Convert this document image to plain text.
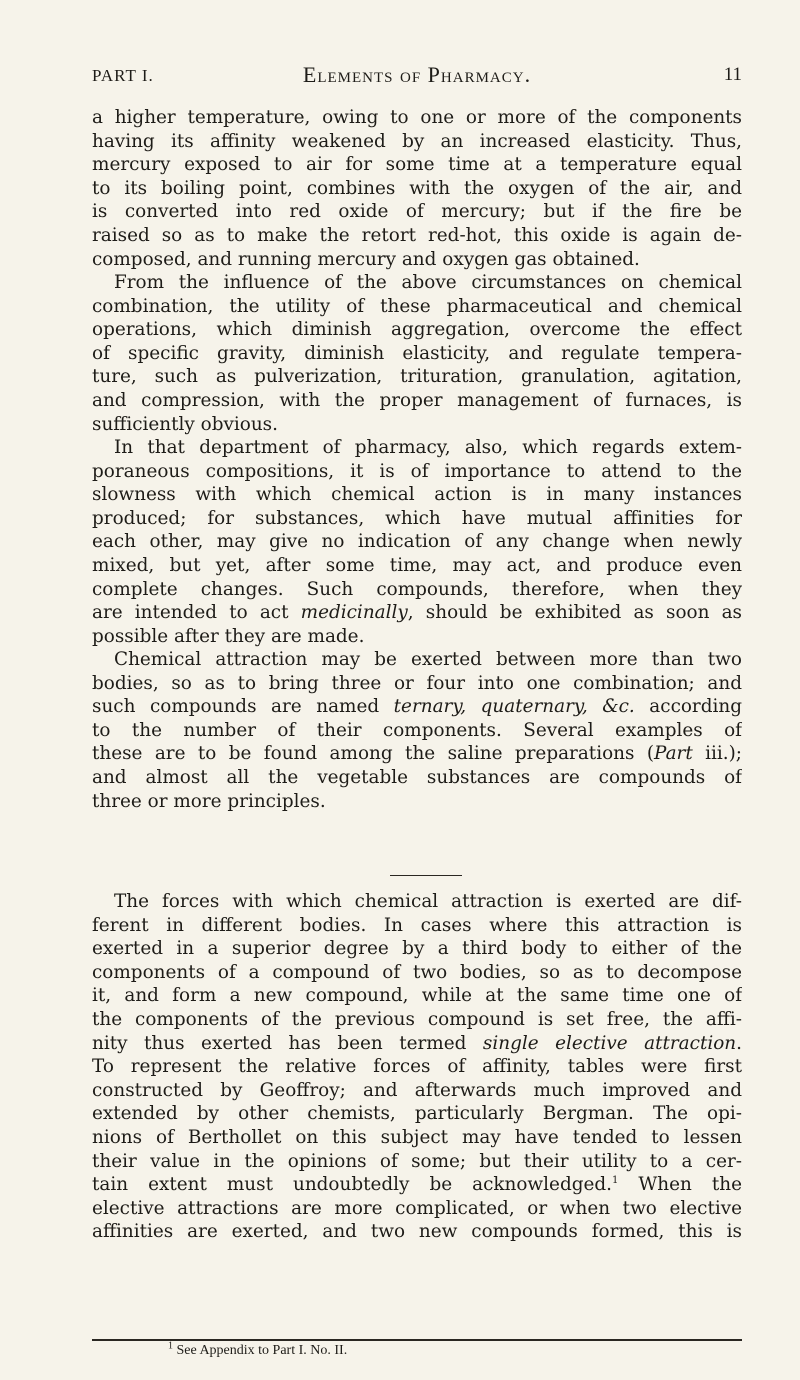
PART I.	Elements of Pharmacy.	11
a higher temperature, owing to one or more of the components
having its affinity weakened by an increased elasticity. Thus,
mercury exposed to air for some time at a temperature equal
to its boiling point, combines with the oxygen of the air, and
is converted into red oxide of mercury; but if the fire be
raised so as to make the retort red-hot, this oxide is again de-
composed, and running mercury and oxygen gas obtained.
From the influence of the above circumstances on chemical
combination, the utility of these pharmaceutical and chemical
operations, which diminish aggregation, overcome the effect
of specific gravity, diminish elasticity, and regulate tempera-
ture, such as pulverization, trituration, granulation, agitation,
and compression, with the proper management of furnaces, is
sufficiently obvious.
In that department of pharmacy, also, which regards extem-
poraneous compositions, it is of importance to attend to the
slowness with which chemical action is in many instances
produced; for substances, which have mutual affinities for
each other, may give no indication of any change when newly
mixed, but yet, after some time, may act, and produce even
complete changes. Such compounds, therefore, when they
are intended to act medicinally, should be exhibited as soon as
possible after they are made.
Chemical attraction may be exerted between more than two
bodies, so as to bring three or four into one combination; and
such compounds are named ternary, quaternary, &c. according
to the number of their components. Several examples of
these are to be found among the saline preparations (Part iii.);
and almost all the vegetable substances are compounds of
three or more principles.
The forces with which chemical attraction is exerted are dif-
ferent in different bodies. In cases where this attraction is
exerted in a superior degree by a third body to either of the
components of a compound of two bodies, so as to decompose
it, and form a new compound, while at the same time one of
the components of the previous compound is set free, the affi-
nity thus exerted has been termed single elective attraction.
To represent the relative forces of affinity, tables were first
constructed by Geoffroy; and afterwards much improved and
extended by other chemists, particularly Bergman. The opi-
nions of Berthollet on this subject may have tended to lessen
their value in the opinions of some; but their utility to a cer-
tain extent must undoubtedly be acknowledged.$^1$ When the
elective attractions are more complicated, or when two elective
affinities are exerted, and two new compounds formed, this is
$^1$ See Appendix to Part I. No. II.
